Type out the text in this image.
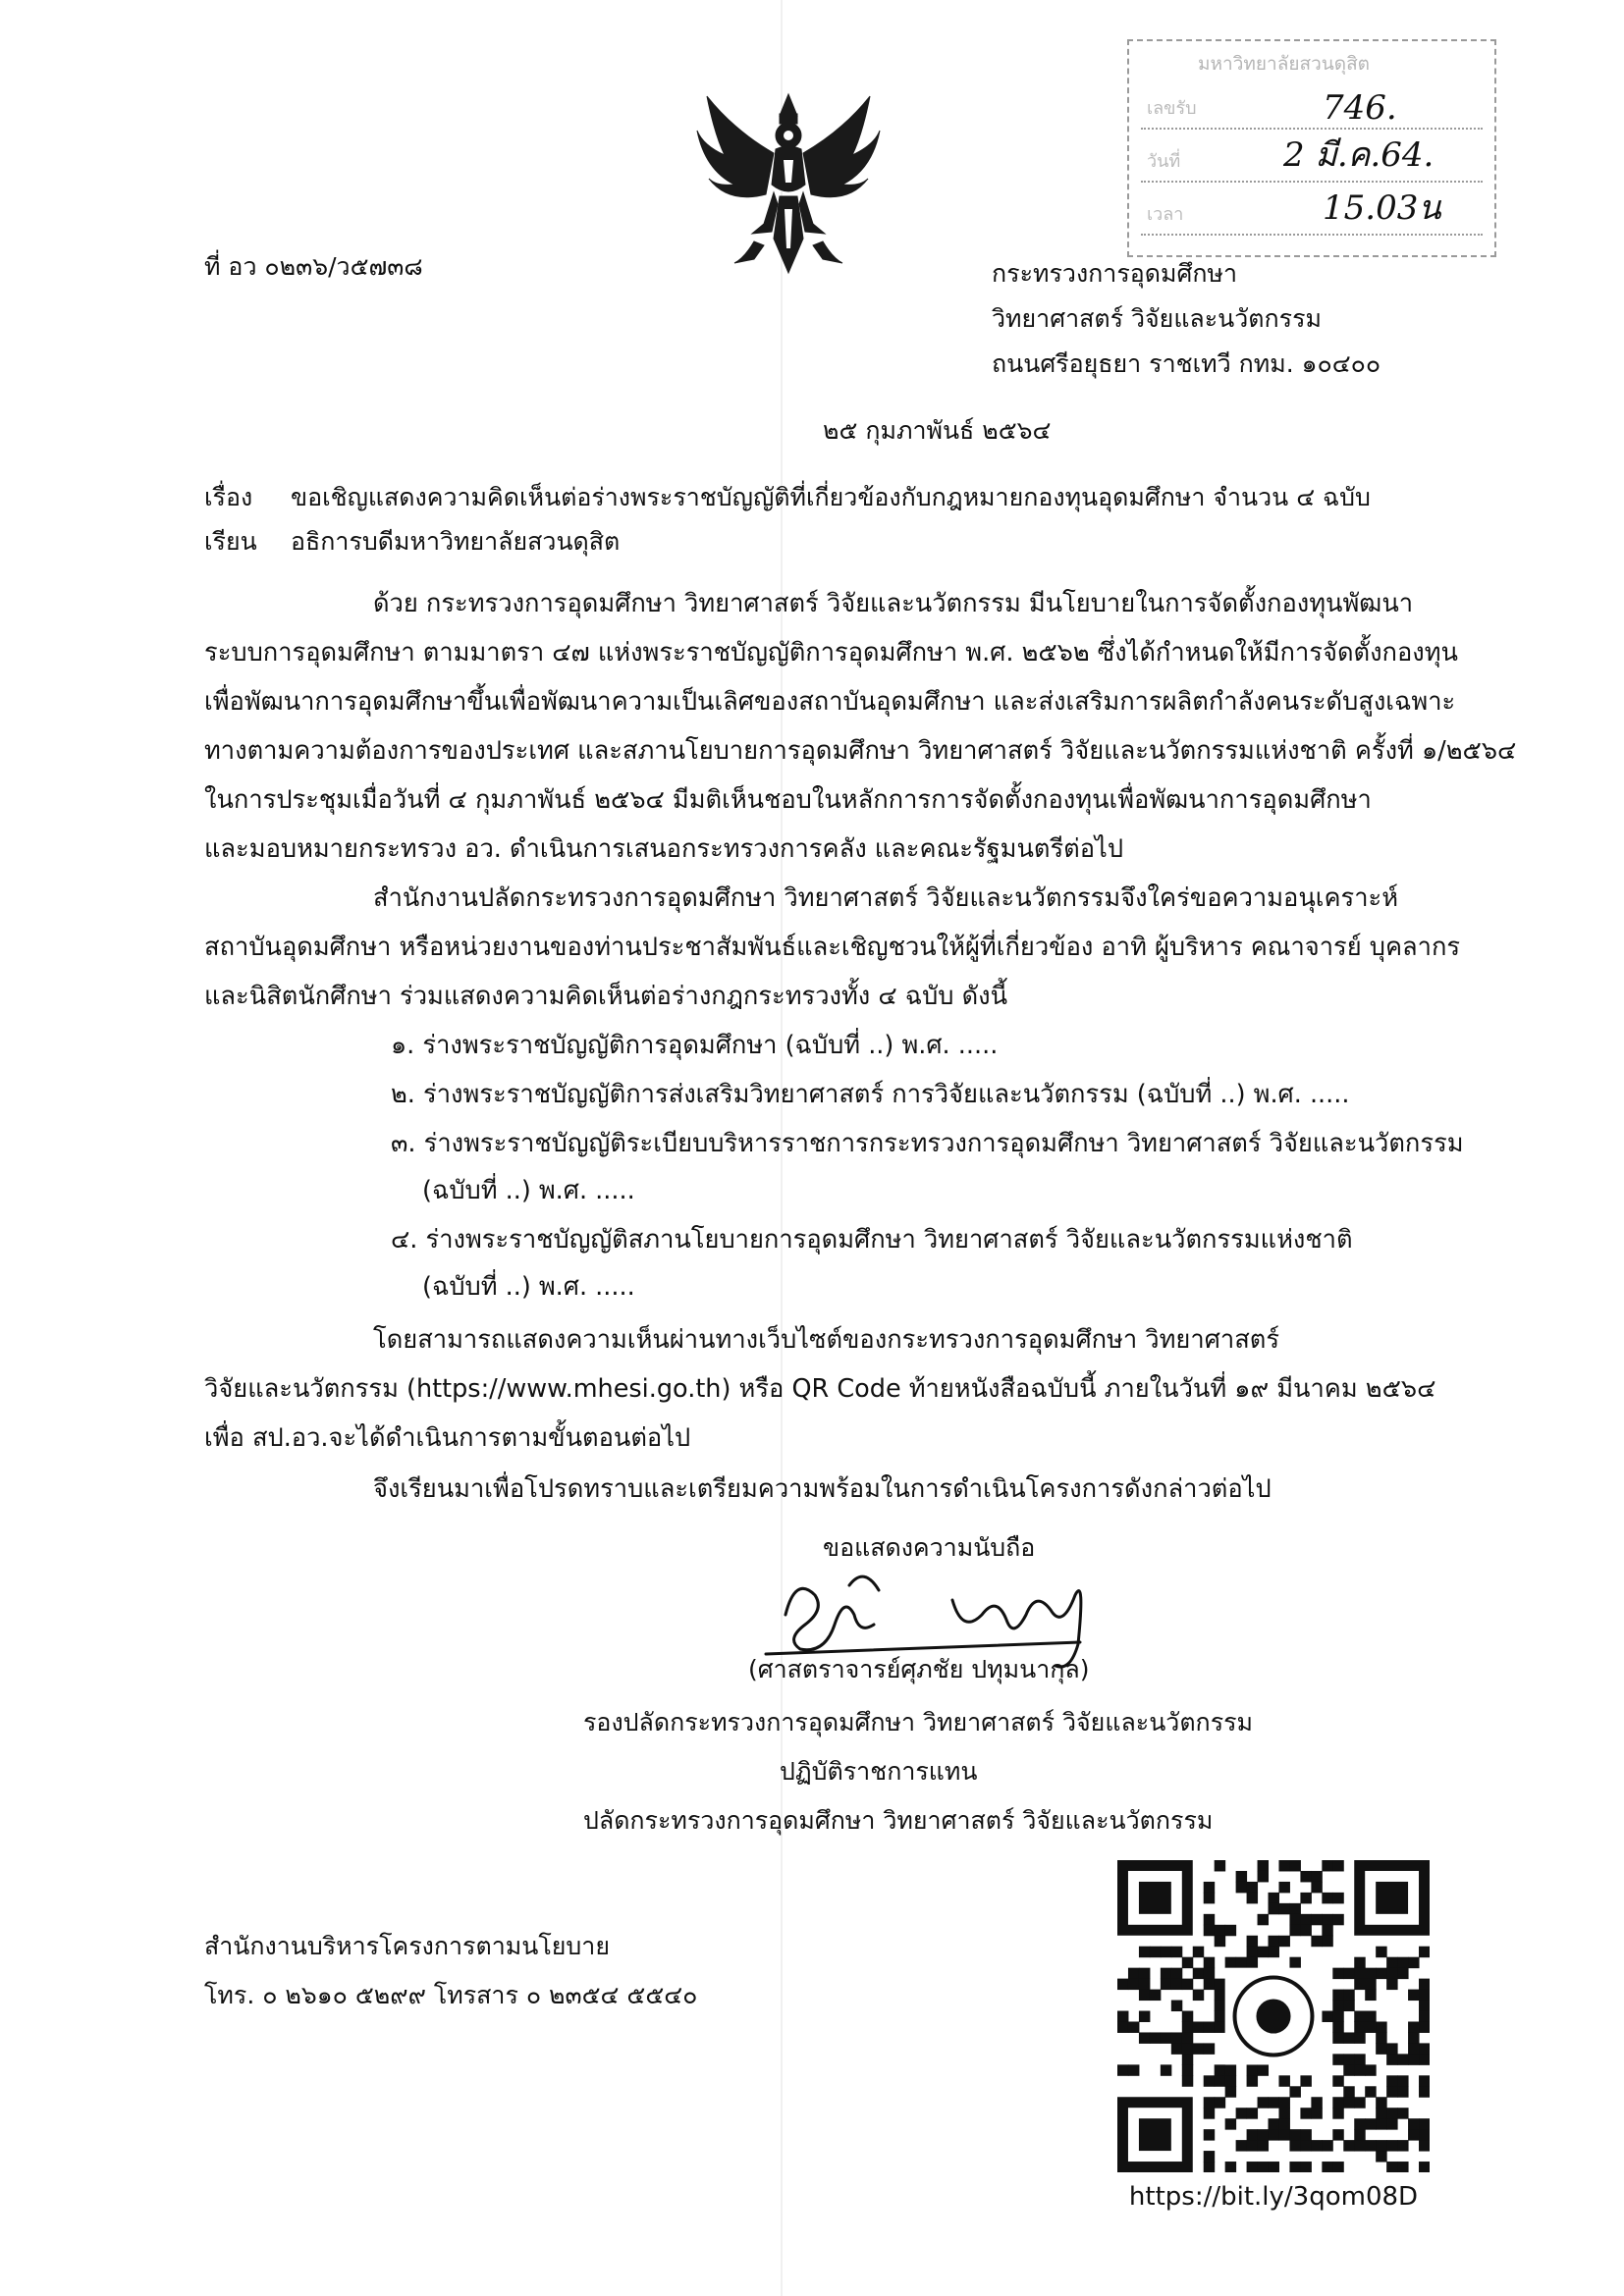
มหาวิทยาลัยสวนดุสิต
เลขรับ	746.
วันที่	2 มี.ค.64.
เวลา	15.03น
ที่ อว ๐๒๓๖/ว๕๗๓๘	กระทรวงการอุดมศึกษา
วิทยาศาสตร์ วิจัยและนวัตกรรม
ถนนศรีอยุธยา ราชเทวี กทม. ๑๐๔๐๐
๒๕ กุมภาพันธ์ ๒๕๖๔
เรื่อง ขอเชิญแสดงความคิดเห็นต่อร่างพระราชบัญญัติที่เกี่ยวข้องกับกฎหมายกองทุนอุดมศึกษา จำนวน ๔ ฉบับ
เรียน อธิการบดีมหาวิทยาลัยสวนดุสิต
ด้วย กระทรวงการอุดมศึกษา วิทยาศาสตร์ วิจัยและนวัตกรรม มีนโยบายในการจัดตั้งกองทุนพัฒนา
ระบบการอุดมศึกษา ตามมาตรา ๔๗ แห่งพระราชบัญญัติการอุดมศึกษา พ.ศ. ๒๕๖๒ ซึ่งได้กำหนดให้มีการจัดตั้งกองทุน
เพื่อพัฒนาการอุดมศึกษาขึ้นเพื่อพัฒนาความเป็นเลิศของสถาบันอุดมศึกษา และส่งเสริมการผลิตกำลังคนระดับสูงเฉพาะ
ทางตามความต้องการของประเทศ และสภานโยบายการอุดมศึกษา วิทยาศาสตร์ วิจัยและนวัตกรรมแห่งชาติ ครั้งที่ ๑/๒๕๖๔
ในการประชุมเมื่อวันที่ ๔ กุมภาพันธ์ ๒๕๖๔ มีมติเห็นชอบในหลักการการจัดตั้งกองทุนเพื่อพัฒนาการอุดมศึกษา
และมอบหมายกระทรวง อว. ดำเนินการเสนอกระทรวงการคลัง และคณะรัฐมนตรีต่อไป
สำนักงานปลัดกระทรวงการอุดมศึกษา วิทยาศาสตร์ วิจัยและนวัตกรรมจึงใคร่ขอความอนุเคราะห์
สถาบันอุดมศึกษา หรือหน่วยงานของท่านประชาสัมพันธ์และเชิญชวนให้ผู้ที่เกี่ยวข้อง อาทิ ผู้บริหาร คณาจารย์ บุคลากร
และนิสิตนักศึกษา ร่วมแสดงความคิดเห็นต่อร่างกฎกระทรวงทั้ง ๔ ฉบับ ดังนี้
๑. ร่างพระราชบัญญัติการอุดมศึกษา (ฉบับที่ ..) พ.ศ. .....
๒. ร่างพระราชบัญญัติการส่งเสริมวิทยาศาสตร์ การวิจัยและนวัตกรรม (ฉบับที่ ..) พ.ศ. .....
๓. ร่างพระราชบัญญัติระเบียบบริหารราชการกระทรวงการอุดมศึกษา วิทยาศาสตร์ วิจัยและนวัตกรรม
(ฉบับที่ ..) พ.ศ. .....
๔. ร่างพระราชบัญญัติสภานโยบายการอุดมศึกษา วิทยาศาสตร์ วิจัยและนวัตกรรมแห่งชาติ
(ฉบับที่ ..) พ.ศ. .....
โดยสามารถแสดงความเห็นผ่านทางเว็บไซต์ของกระทรวงการอุดมศึกษา วิทยาศาสตร์
วิจัยและนวัตกรรม (https://www.mhesi.go.th) หรือ QR Code ท้ายหนังสือฉบับนี้ ภายในวันที่ ๑๙ มีนาคม ๒๕๖๔
เพื่อ สป.อว.จะได้ดำเนินการตามขั้นตอนต่อไป
จึงเรียนมาเพื่อโปรดทราบและเตรียมความพร้อมในการดำเนินโครงการดังกล่าวต่อไป
ขอแสดงความนับถือ
(ศาสตราจารย์ศุภชัย ปทุมนากุล)
รองปลัดกระทรวงการอุดมศึกษา วิทยาศาสตร์ วิจัยและนวัตกรรม
ปฏิบัติราชการแทน
ปลัดกระทรวงการอุดมศึกษา วิทยาศาสตร์ วิจัยและนวัตกรรม
สำนักงานบริหารโครงการตามนโยบาย
โทร. ๐ ๒๖๑๐ ๕๒๙๙ โทรสาร ๐ ๒๓๕๔ ๕๕๔๐
https://bit.ly/3qom08D
